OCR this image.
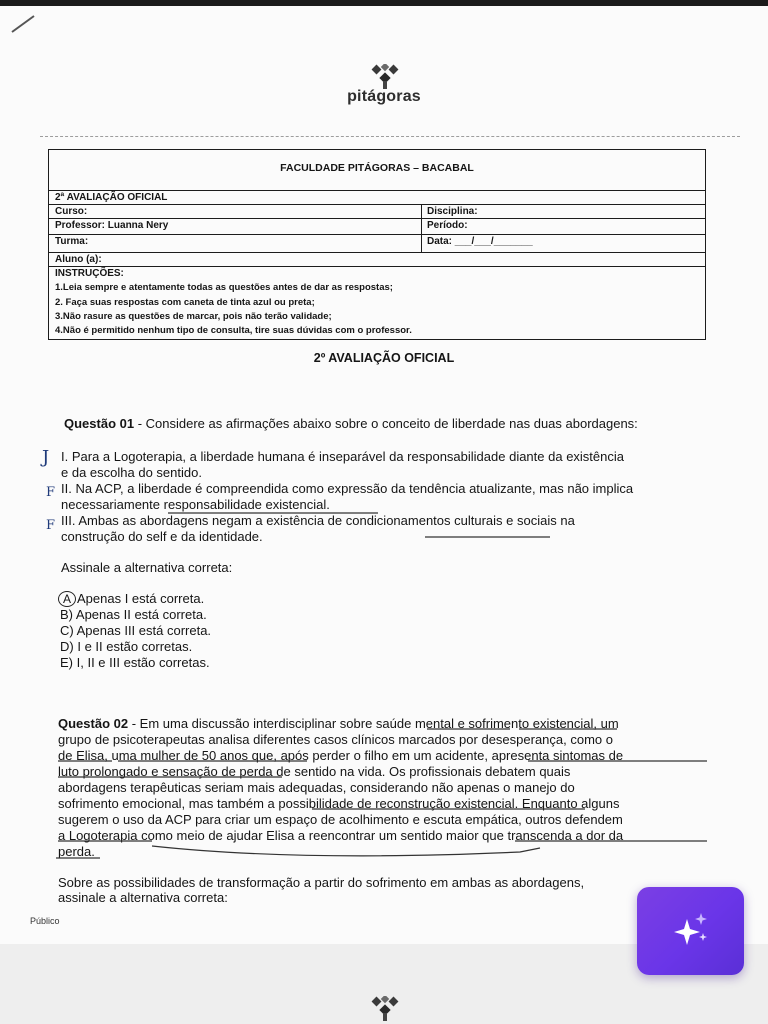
pitágoras
FACULDADE PITÁGORAS – BACABAL
2ª AVALIAÇÃO OFICIAL
Curso:	Disciplina:
Professor: Luanna Nery	Período:
Turma:	Data: ___/___/_______
Aluno (a):
INSTRUÇÕES:
1.Leia sempre e atentamente todas as questões antes de dar as respostas;
2. Faça suas respostas com caneta de tinta azul ou preta;
3.Não rasure as questões de marcar, pois não terão validade;
4.Não é permitido nenhum tipo de consulta, tire suas dúvidas com o professor.
2º AVALIAÇÃO OFICIAL
Questão 01 - Considere as afirmações abaixo sobre o conceito de liberdade nas duas abordagens:
J I. Para a Logoterapia, a liberdade humana é inseparável da responsabilidade diante da existência
e da escolha do sentido.
F II. Na ACP, a liberdade é compreendida como expressão da tendência atualizante, mas não implica
necessariamente responsabilidade existencial.
F III. Ambas as abordagens negam a existência de condicionamentos culturais e sociais na
construção do self e da identidade.
Assinale a alternativa correta:
A Apenas I está correta.
B) Apenas II está correta.
C) Apenas III está correta.
D) I e II estão corretas.
E) I, II e III estão corretas.
Questão 02 - Em uma discussão interdisciplinar sobre saúde mental e sofrimento existencial, um
grupo de psicoterapeutas analisa diferentes casos clínicos marcados por desesperança, como o
de Elisa, uma mulher de 50 anos que, após perder o filho em um acidente, apresenta sintomas de
luto prolongado e sensação de perda de sentido na vida. Os profissionais debatem quais
abordagens terapêuticas seriam mais adequadas, considerando não apenas o manejo do
sofrimento emocional, mas também a possibilidade de reconstrução existencial. Enquanto alguns
sugerem o uso da ACP para criar um espaço de acolhimento e escuta empática, outros defendem
a Logoterapia como meio de ajudar Elisa a reencontrar um sentido maior que transcenda a dor da
perda.
Sobre as possibilidades de transformação a partir do sofrimento em ambas as abordagens,
assinale a alternativa correta:
Público
